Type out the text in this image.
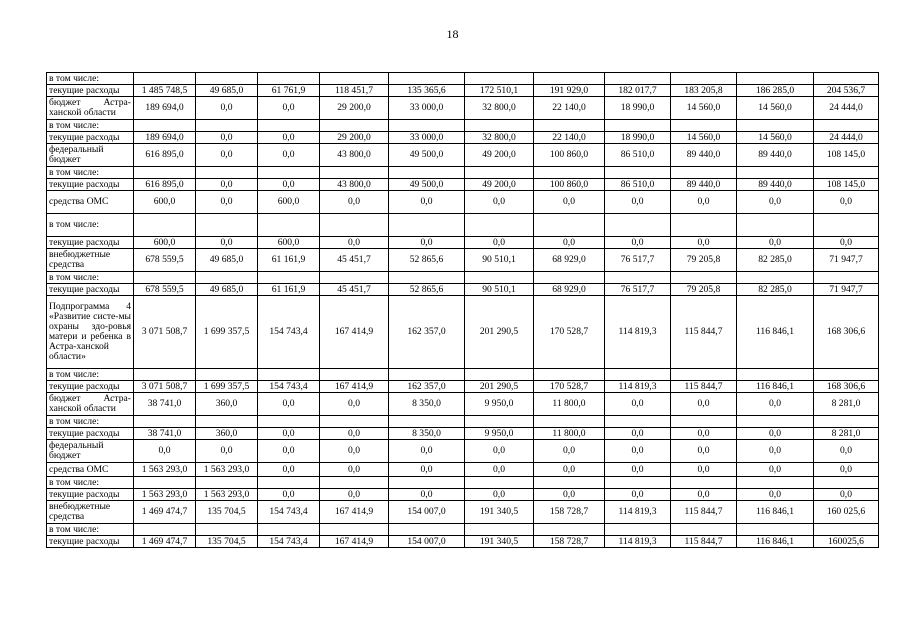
18
в том числе:											
текущие расходы	1 485 748,5	49 685,0	61 761,9	118 451,7	135 365,6	172 510,1	191 929,0	182 017,7	183 205,8	186 285,0	204 536,7
бюджет Астра-ханской области	189 694,0	0,0	0,0	29 200,0	33 000,0	32 800,0	22 140,0	18 990,0	14 560,0	14 560,0	24 444,0
в том числе:											
текущие расходы	189 694,0	0,0	0,0	29 200,0	33 000,0	32 800,0	22 140,0	18 990,0	14 560,0	14 560,0	24 444,0
федеральный бюджет	616 895,0	0,0	0,0	43 800,0	49 500,0	49 200,0	100 860,0	86 510,0	89 440,0	89 440,0	108 145,0
в том числе:											
текущие расходы	616 895,0	0,0	0,0	43 800,0	49 500,0	49 200,0	100 860,0	86 510,0	89 440,0	89 440,0	108 145,0
средства ОМС	600,0	0,0	600,0	0,0	0,0	0,0	0,0	0,0	0,0	0,0	0,0
в том числе:											
текущие расходы	600,0	0,0	600,0	0,0	0,0	0,0	0,0	0,0	0,0	0,0	0,0
внебюджетные средства	678 559,5	49 685,0	61 161,9	45 451,7	52 865,6	90 510,1	68 929,0	76 517,7	79 205,8	82 285,0	71 947,7
в том числе:											
текущие расходы	678 559,5	49 685,0	61 161,9	45 451,7	52 865,6	90 510,1	68 929,0	76 517,7	79 205,8	82 285,0	71 947,7
Подпрограмма 4 «Развитие систе-мы охраны здо-ровья матери и ребенка в Астра-ханской области»	3 071 508,7	1 699 357,5	154 743,4	167 414,9	162 357,0	201 290,5	170 528,7	114 819,3	115 844,7	116 846,1	168 306,6
в том числе:											
текущие расходы	3 071 508,7	1 699 357,5	154 743,4	167 414,9	162 357,0	201 290,5	170 528,7	114 819,3	115 844,7	116 846,1	168 306,6
бюджет Астра-ханской области	38 741,0	360,0	0,0	0,0	8 350,0	9 950,0	11 800,0	0,0	0,0	0,0	8 281,0
в том числе:											
текущие расходы	38 741,0	360,0	0,0	0,0	8 350,0	9 950,0	11 800,0	0,0	0,0	0,0	8 281,0
федеральный бюджет	0,0	0,0	0,0	0,0	0,0	0,0	0,0	0,0	0,0	0,0	0,0
средства ОМС	1 563 293,0	1 563 293,0	0,0	0,0	0,0	0,0	0,0	0,0	0,0	0,0	0,0
в том числе:											
текущие расходы	1 563 293,0	1 563 293,0	0,0	0,0	0,0	0,0	0,0	0,0	0,0	0,0	0,0
внебюджетные средства	1 469 474,7	135 704,5	154 743,4	167 414,9	154 007,0	191 340,5	158 728,7	114 819,3	115 844,7	116 846,1	160 025,6
в том числе:											
текущие расходы	1 469 474,7	135 704,5	154 743,4	167 414,9	154 007,0	191 340,5	158 728,7	114 819,3	115 844,7	116 846,1	160025,6
